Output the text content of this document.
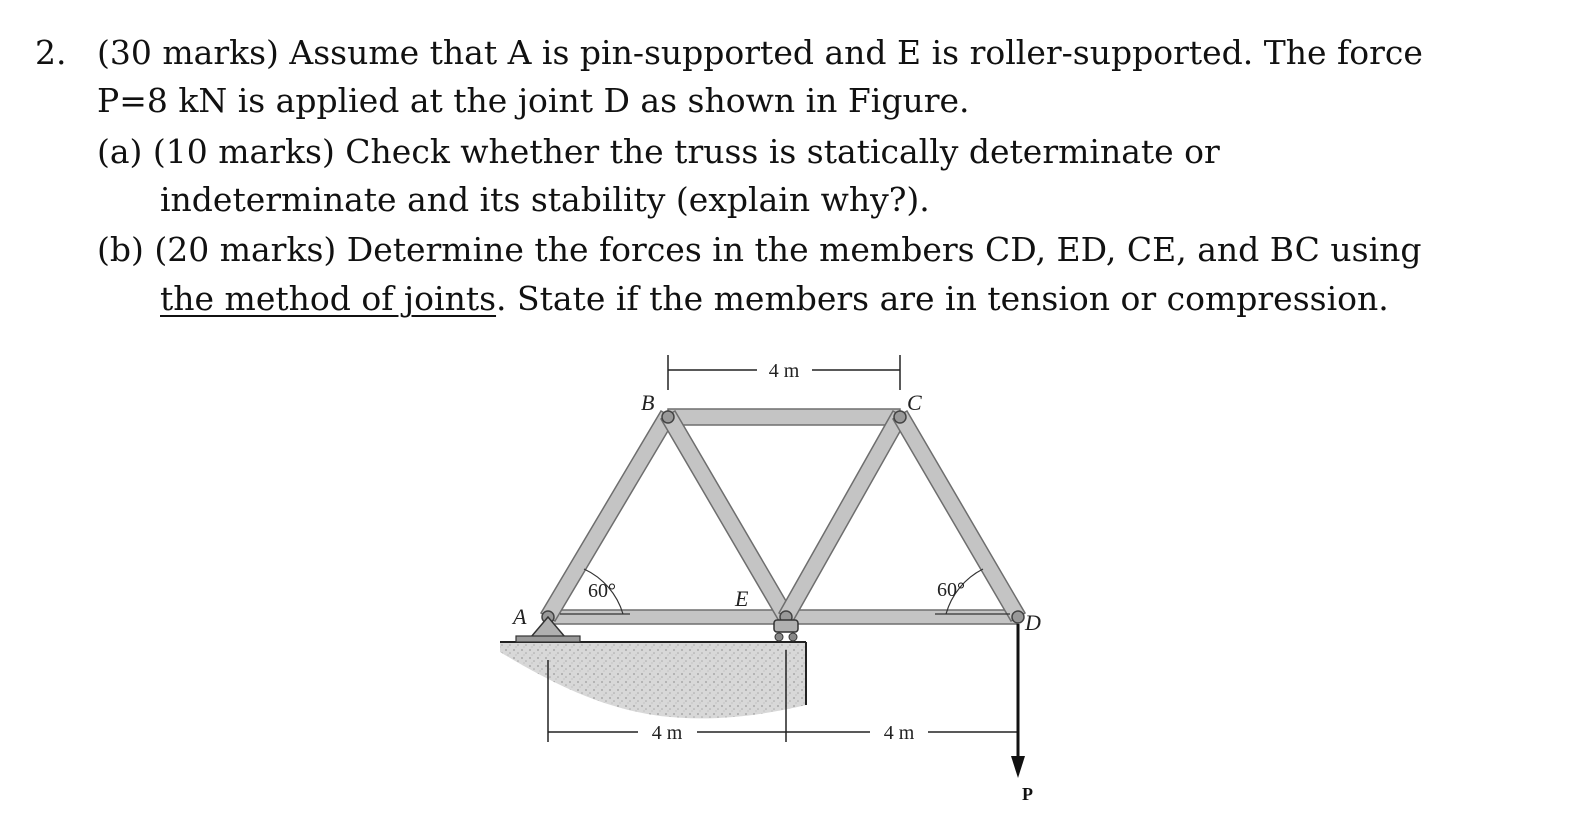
2. (30 marks) Assume that A is pin-supported and E is roller-supported. The force
P=8 kN is applied at the joint D as shown in Figure.
(a) (10 marks) Check whether the truss is statically determinate or
indeterminate and its stability (explain why?).
(b) (20 marks) Determine the forces in the members CD, ED, CE, and BC using
the method of joints. State if the members are in tension or compression.
A
B	C
D
E
60°	60°
4 m
4 m	4 m
P
